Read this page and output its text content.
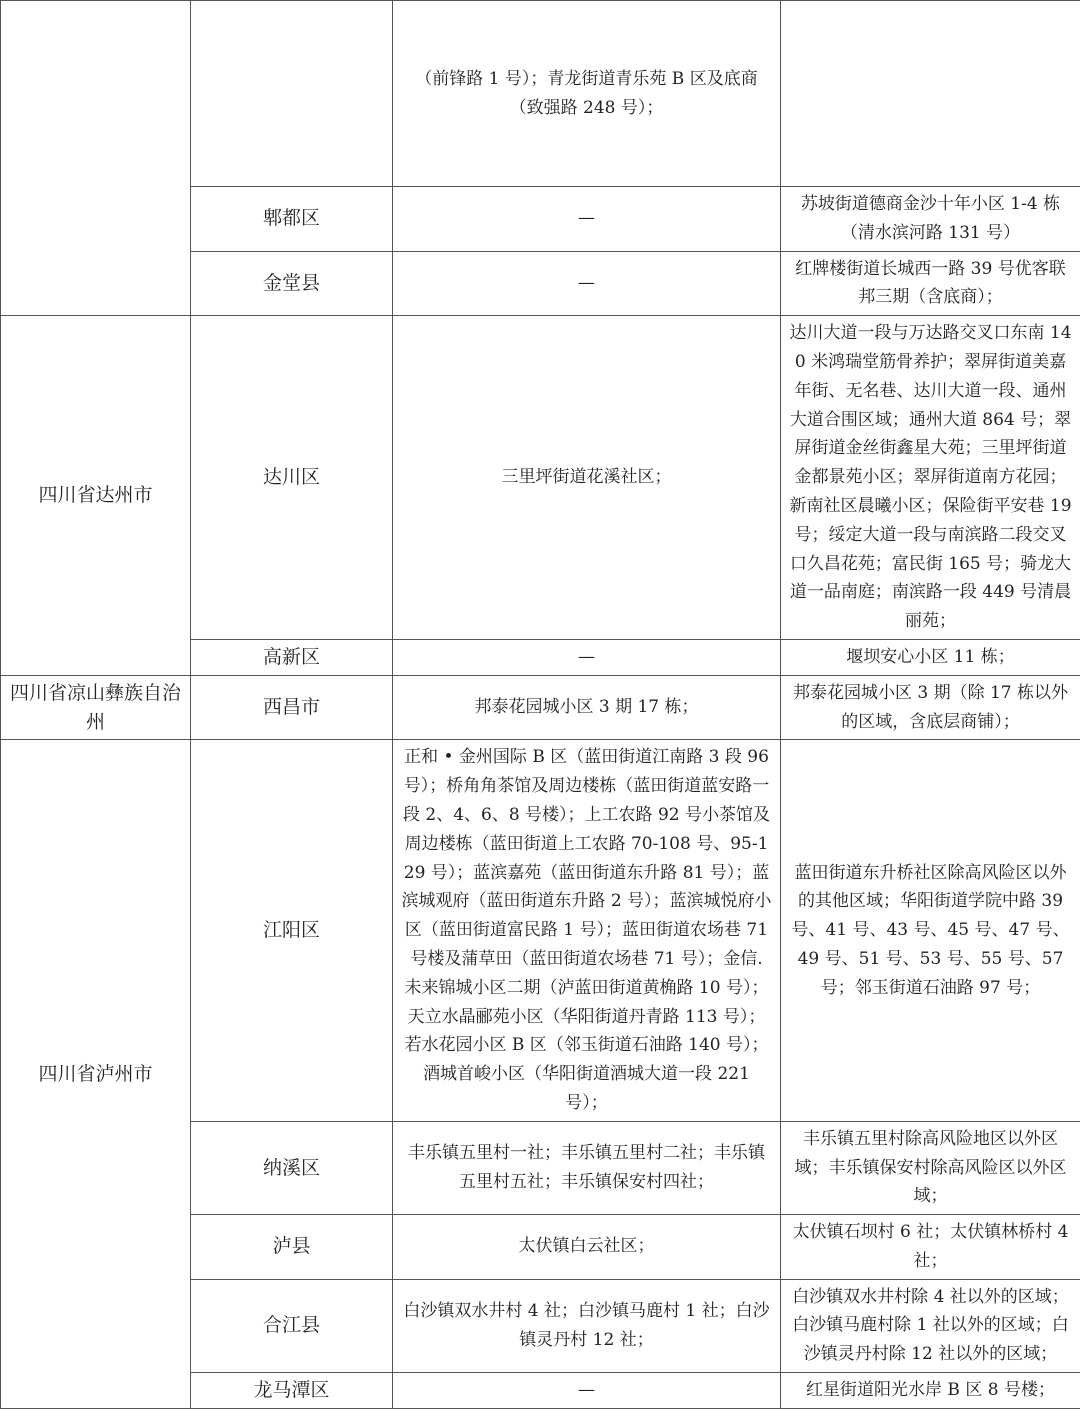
		（前锋路 1 号）；青龙街道青乐苑 B 区及底商（致强路 248 号）；	
	郫都区	—	苏坡街道德商金沙十年小区 1-4 栋（清水滨河路 131 号）
	金堂县	—	红牌楼街道长城西一路 39 号优客联邦三期（含底商）；
四川省达州市	达川区	三里坪街道花溪社区；	达川大道一段与万达路交叉口东南 140 米鸿瑞堂筋骨养护；翠屏街道美嘉年街、无名巷、达川大道一段、通州大道合围区域；通州大道 864 号；翠屏街道金丝街鑫星大苑；三里坪街道金都景苑小区；翠屏街道南方花园；新南社区晨曦小区；保险街平安巷 19 号；绥定大道一段与南滨路二段交叉口久昌花苑；富民街 165 号；骑龙大道一品南庭；南滨路一段 449 号清晨丽苑；
	高新区	—	堰坝安心小区 11 栋；
四川省凉山彝族自治州	西昌市	邦泰花园城小区 3 期 17 栋；	邦泰花园城小区 3 期（除 17 栋以外的区域，含底层商铺）；
四川省泸州市	江阳区	正和 • 金州国际 B 区（蓝田街道江南路 3 段 96 号）；桥角角茶馆及周边楼栋（蓝田街道蓝安路一段 2、4、6、8 号楼）；上工农路 92 号小茶馆及周边楼栋（蓝田街道上工农路 70-108 号、95-129 号）；蓝滨嘉苑（蓝田街道东升路 81 号）；蓝滨城观府（蓝田街道东升路 2 号）；蓝滨城悦府小区（蓝田街道富民路 1 号）；蓝田街道农场巷 71 号楼及蒲草田（蓝田街道农场巷 71 号）；金信. 未来锦城小区二期（泸蓝田街道黄桷路 10 号）；天立水晶郦苑小区（华阳街道丹青路 113 号）；若水花园小区 B 区（邻玉街道石油路 140 号）；酒城首峻小区（华阳街道酒城大道一段 221 号）；	蓝田街道东升桥社区除高风险区以外的其他区域；华阳街道学院中路 39 号、41 号、43 号、45 号、47 号、49 号、51 号、53 号、55 号、57 号；邻玉街道石油路 97 号；
	纳溪区	丰乐镇五里村一社；丰乐镇五里村二社；丰乐镇五里村五社；丰乐镇保安村四社；	丰乐镇五里村除高风险地区以外区域；丰乐镇保安村除高风险区以外区域；
	泸县	太伏镇白云社区；	太伏镇石坝村 6 社；太伏镇林桥村 4 社；
	合江县	白沙镇双水井村 4 社；白沙镇马鹿村 1 社；白沙镇灵丹村 12 社；	白沙镇双水井村除 4 社以外的区域；白沙镇马鹿村除 1 社以外的区域；白沙镇灵丹村除 12 社以外的区域；
	龙马潭区	—	红星街道阳光水岸 B 区 8 号楼；
